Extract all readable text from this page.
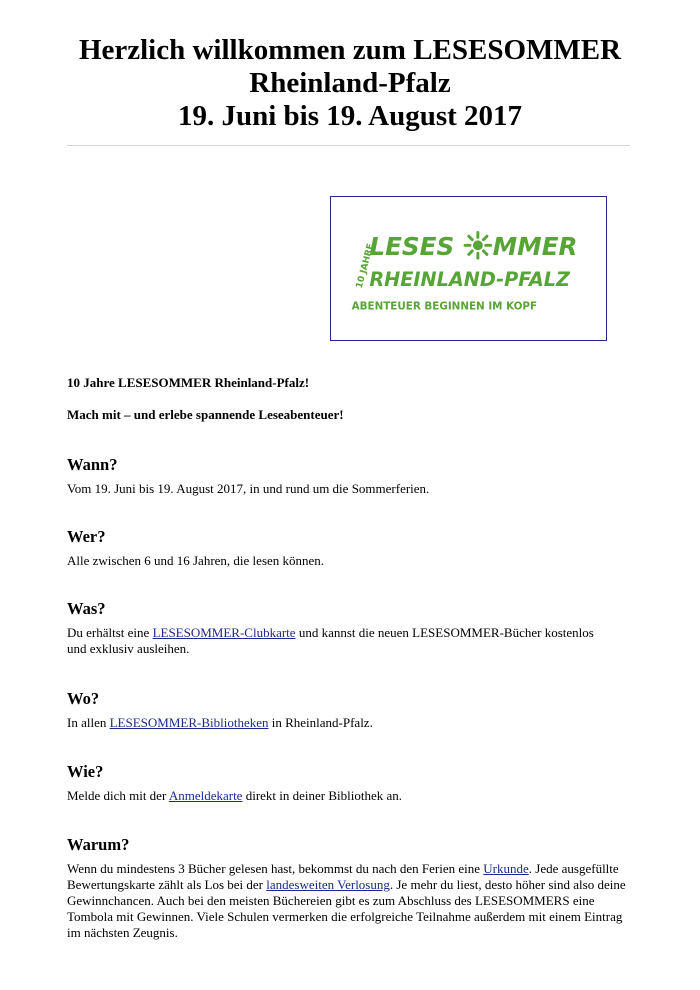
Herzlich willkommen zum LESESOMMER
Rheinland-Pfalz
19. Juni bis 19. August 2017
10 JAHRE
LESES MMER
RHEINLAND-PFALZ
ABENTEUER BEGINNEN IM KOPF

10 Jahre LESESOMMER Rheinland-Pfalz!

Mach mit – und erlebe spannende Leseabenteuer!

Wann?

Vom 19. Juni bis 19. August 2017, in und rund um die Sommerferien.

Wer?

Alle zwischen 6 und 16 Jahren, die lesen können.

Was?

Du erhältst eine LESESOMMER-Clubkarte und kannst die neuen LESESOMMER-Bücher kostenlos und exklusiv ausleihen.

Wo?

In allen LESESOMMER-Bibliotheken in Rheinland-Pfalz.

Wie?

Melde dich mit der Anmeldekarte direkt in deiner Bibliothek an.

Warum?

Wenn du mindestens 3 Bücher gelesen hast, bekommst du nach den Ferien eine Urkunde. Jede ausgefüllte Bewertungskarte zählt als Los bei der landesweiten Verlosung. Je mehr du liest, desto höher sind also deine Gewinnchancen. Auch bei den meisten Büchereien gibt es zum Abschluss des LESESOMMERS eine Tombola mit Gewinnen. Viele Schulen vermerken die erfolgreiche Teilnahme außerdem mit einem Eintrag im nächsten Zeugnis.
